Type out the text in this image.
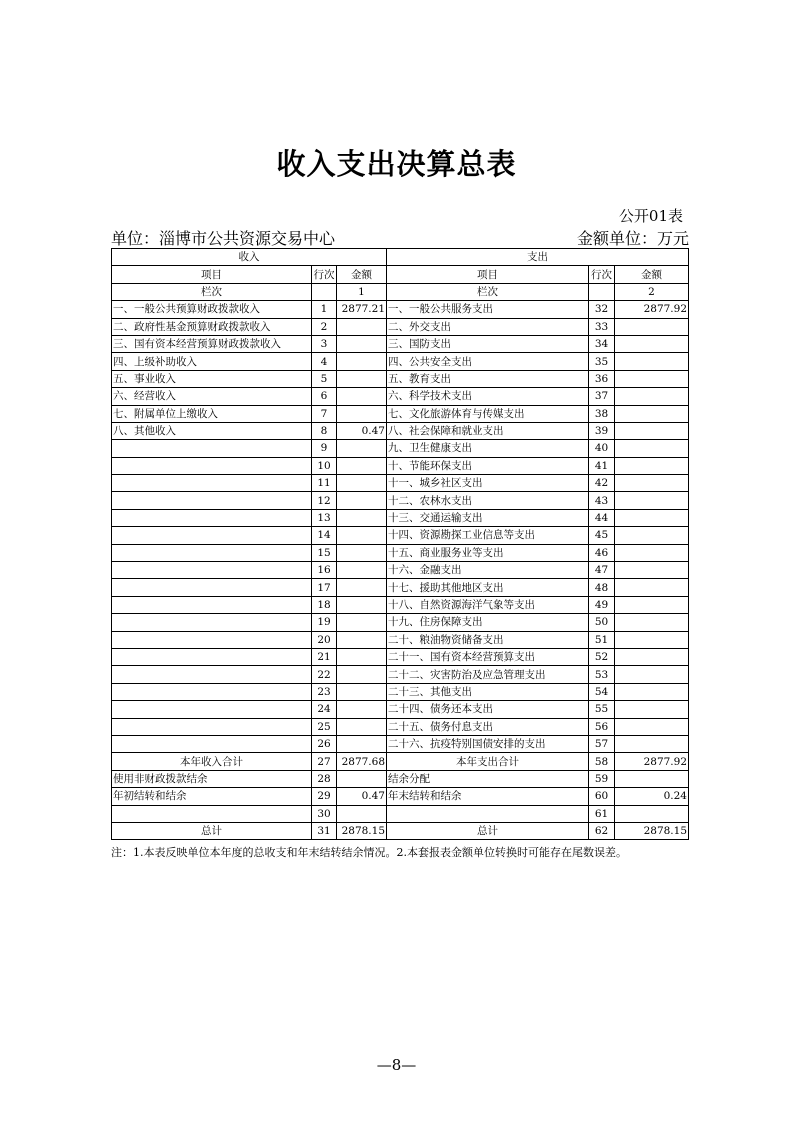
收入支出决算总表
公开01表
单位：淄博市公共资源交易中心	金额单位：万元
收入			支出		
项目	行次	金额	项目	行次	金额
栏次		1	栏次		2
一、一般公共预算财政拨款收入	1	2877.21	一、一般公共服务支出	32	2877.92
二、政府性基金预算财政拨款收入	2		二、外交支出	33	
三、国有资本经营预算财政拨款收入	3		三、国防支出	34	
四、上级补助收入	4		四、公共安全支出	35	
五、事业收入	5		五、教育支出	36	
六、经营收入	6		六、科学技术支出	37	
七、附属单位上缴收入	7		七、文化旅游体育与传媒支出	38	
八、其他收入	8	0.47	八、社会保障和就业支出	39	
	9		九、卫生健康支出	40	
	10		十、节能环保支出	41	
	11		十一、城乡社区支出	42	
	12		十二、农林水支出	43	
	13		十三、交通运输支出	44	
	14		十四、资源勘探工业信息等支出	45	
	15		十五、商业服务业等支出	46	
	16		十六、金融支出	47	
	17		十七、援助其他地区支出	48	
	18		十八、自然资源海洋气象等支出	49	
	19		十九、住房保障支出	50	
	20		二十、粮油物资储备支出	51	
	21		二十一、国有资本经营预算支出	52	
	22		二十二、灾害防治及应急管理支出	53	
	23		二十三、其他支出	54	
	24		二十四、债务还本支出	55	
	25		二十五、债务付息支出	56	
	26		二十六、抗疫特别国债安排的支出	57	
本年收入合计	27	2877.68	本年支出合计	58	2877.92
使用非财政拨款结余	28		结余分配	59	
年初结转和结余	29	0.47	年末结转和结余	60	0.24
	30			61	
总计	31	2878.15	总计	62	2878.15
注：1.本表反映单位本年度的总收支和年末结转结余情况。2.本套报表金额单位转换时可能存在尾数误差。
—8—
